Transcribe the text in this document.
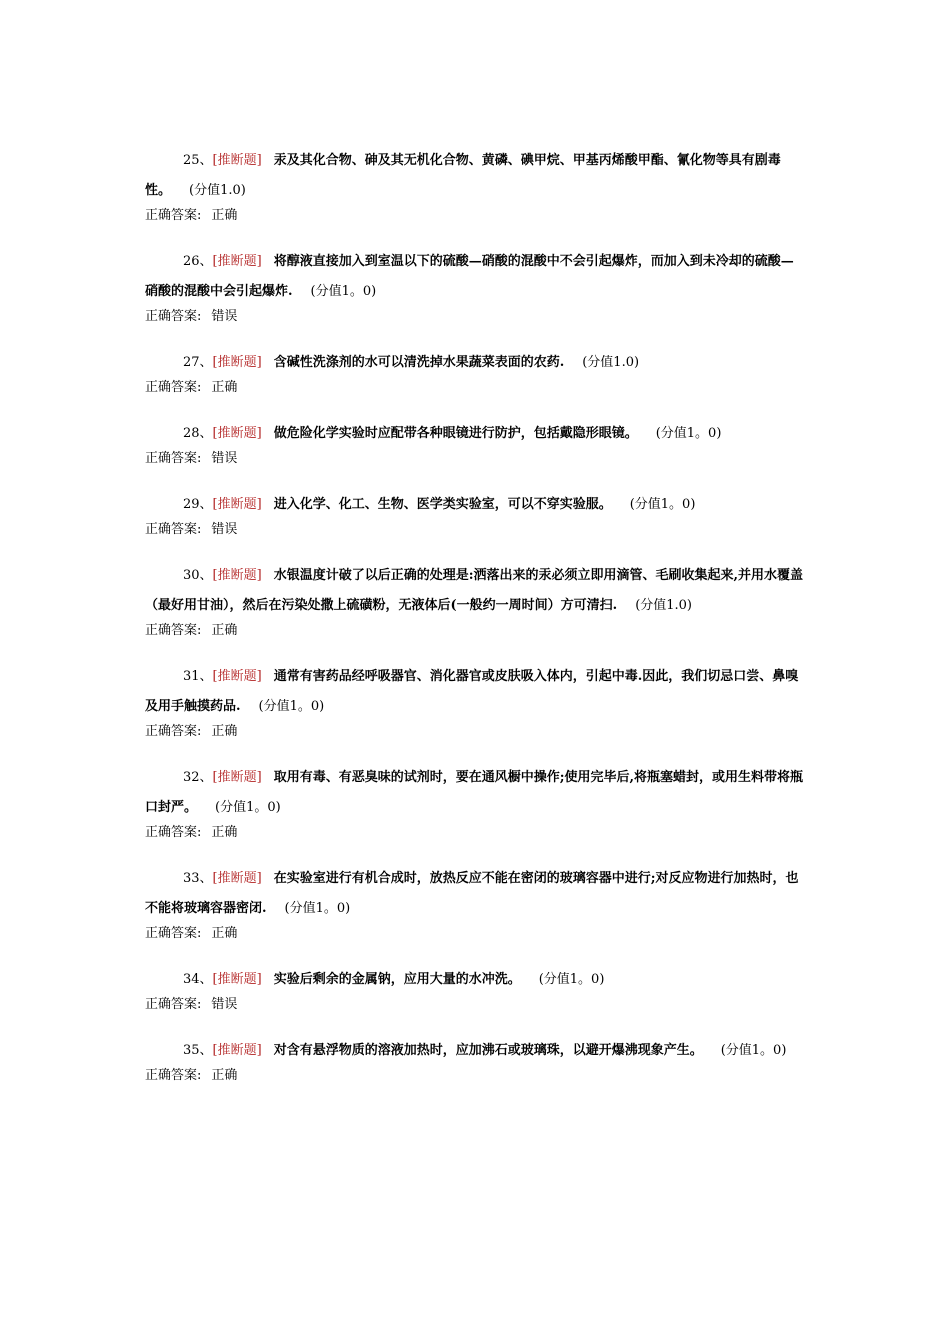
25、[推断题] 汞及其化合物、砷及其无机化合物、黄磷、碘甲烷、甲基丙烯酸甲酯、氰化物等具有剧毒性。 (分值1.0)
正确答案: 正确
26、[推断题] 将醇液直接加入到室温以下的硫酸—硝酸的混酸中不会引起爆炸，而加入到未冷却的硫酸—硝酸的混酸中会引起爆炸. (分值1。0)
正确答案: 错误
27、[推断题] 含碱性洗涤剂的水可以清洗掉水果蔬菜表面的农药. (分值1.0)
正确答案: 正确
28、[推断题] 做危险化学实验时应配带各种眼镜进行防护，包括戴隐形眼镜。 (分值1。0)
正确答案: 错误
29、[推断题] 进入化学、化工、生物、医学类实验室，可以不穿实验服。 (分值1。0)
正确答案: 错误
30、[推断题] 水银温度计破了以后正确的处理是:洒落出来的汞必须立即用滴管、毛刷收集起来,并用水覆盖（最好用甘油），然后在污染处撒上硫磺粉，无液体后(一般约一周时间）方可清扫. (分值1.0)
正确答案: 正确
31、[推断题] 通常有害药品经呼吸器官、消化器官或皮肤吸入体内，引起中毒.因此，我们切忌口尝、鼻嗅及用手触摸药品. (分值1。0)
正确答案: 正确
32、[推断题] 取用有毒、有恶臭味的试剂时，要在通风橱中操作;使用完毕后,将瓶塞蜡封，或用生料带将瓶口封严。 (分值1。0)
正确答案: 正确
33、[推断题] 在实验室进行有机合成时，放热反应不能在密闭的玻璃容器中进行;对反应物进行加热时，也不能将玻璃容器密闭. (分值1。0)
正确答案: 正确
34、[推断题] 实验后剩余的金属钠，应用大量的水冲洗。 (分值1。0)
正确答案: 错误
35、[推断题] 对含有悬浮物质的溶液加热时，应加沸石或玻璃珠，以避开爆沸现象产生。 (分值1。0)
正确答案: 正确
